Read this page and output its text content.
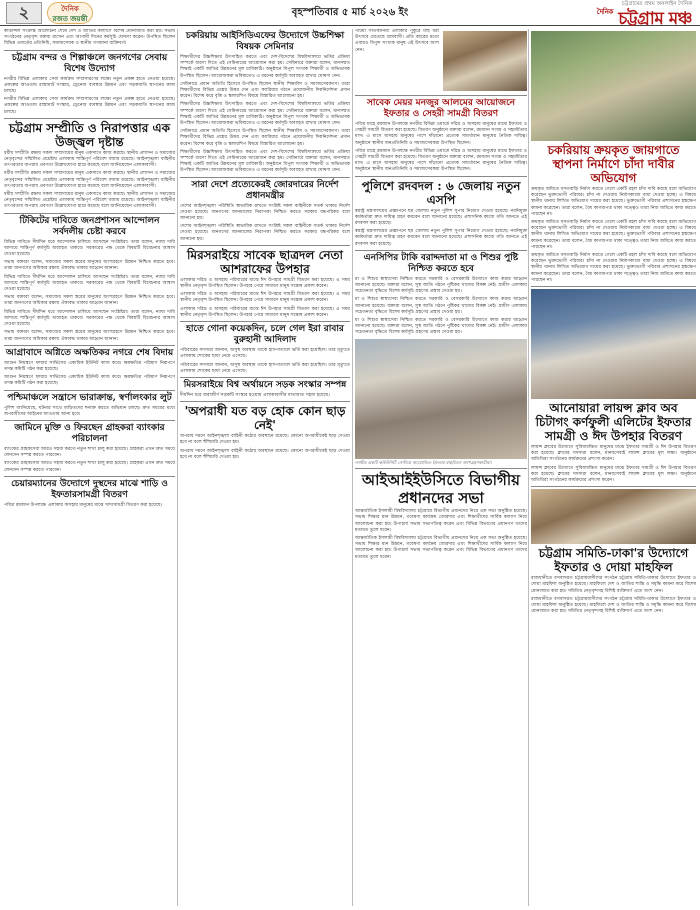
২	দৈনিক
রজত জয়ন্তী
বৃহস্পতিবার ৫ মার্চ ২০২৬ ইং
চট্টগ্রামের প্রথম অনলাইন দৈনিক
$^{দৈনিক}$ চট্টগ্রাম মঞ্চ
কাউন্সিল সংক্রান্ত আলোচনা শেষে দেশ ও জাতির কল্যাণে বিশেষ মোনাজাত করা হয়। সভায় সংগঠনের নেতৃবৃন্দ বক্তব্য রাখেন এবং আগামী দিনের কর্মসূচি ঘোষণা করেন। উপস্থিত ছিলেন বিভিন্ন ওয়ার্ডের প্রতিনিধি, সমাজসেবক ও স্থানীয় গণ্যমান্য ব্যক্তিবর্গ।
চট্টগ্রাম বন্দর ও শিল্পাঞ্চলে জনগণের সেবায় বিশেষ উদ্যোগ
নগরীর বিভিন্ন এলাকায় সেবা কার্যক্রম সম্প্রসারণের লক্ষ্যে নতুন প্রকল্প হাতে নেওয়া হয়েছে। প্রকল্পের আওতায় রাস্তাঘাট সংস্কার, ড্রেনেজ ব্যবস্থার উন্নয়ন এবং সড়কবাতি স্থাপনের কাজ চলছে।
নগরীর বিভিন্ন এলাকায় সেবা কার্যক্রম সম্প্রসারণের লক্ষ্যে নতুন প্রকল্প হাতে নেওয়া হয়েছে। প্রকল্পের আওতায় রাস্তাঘাট সংস্কার, ড্রেনেজ ব্যবস্থার উন্নয়ন এবং সড়কবাতি স্থাপনের কাজ চলছে।
চট্টগ্রাম সম্প্রীতি ও নিরাপত্তার এক উজ্জ্বল দৃষ্টান্ত
ধর্মীয় সম্প্রীতি রক্ষায় সকল সম্প্রদায়ের মানুষ একসাথে কাজ করছে। স্থানীয় প্রশাসন ও সমাজের নেতৃবৃন্দের সম্মিলিত প্রচেষ্টায় এলাকায় শান্তিপূর্ণ পরিবেশ বজায় রয়েছে। আইনশৃঙ্খলা বাহিনীর তৎপরতায় অপরাধ প্রবণতা উল্লেখযোগ্য হারে কমেছে বলে জানিয়েছেন এলাকাবাসী।
ধর্মীয় সম্প্রীতি রক্ষায় সকল সম্প্রদায়ের মানুষ একসাথে কাজ করছে। স্থানীয় প্রশাসন ও সমাজের নেতৃবৃন্দের সম্মিলিত প্রচেষ্টায় এলাকায় শান্তিপূর্ণ পরিবেশ বজায় রয়েছে। আইনশৃঙ্খলা বাহিনীর তৎপরতায় অপরাধ প্রবণতা উল্লেখযোগ্য হারে কমেছে বলে জানিয়েছেন এলাকাবাসী।
ধর্মীয় সম্প্রীতি রক্ষায় সকল সম্প্রদায়ের মানুষ একসাথে কাজ করছে। স্থানীয় প্রশাসন ও সমাজের নেতৃবৃন্দের সম্মিলিত প্রচেষ্টায় এলাকায় শান্তিপূর্ণ পরিবেশ বজায় রয়েছে। আইনশৃঙ্খলা বাহিনীর তৎপরতায় অপরাধ প্রবণতা উল্লেখযোগ্য হারে কমেছে বলে জানিয়েছেন এলাকাবাসী।
টিকিটের দাবিতে জনপ্রশাসন আন্দোলন সর্বদলীয় চেষ্টা করবে
বিভিন্ন দাবিতে দীর্ঘদিন ধরে আন্দোলন চালিয়ে আসছেন সংশ্লিষ্টরা। তারা বলেন, ন্যায্য দাবি আদায়ে শান্তিপূর্ণ কর্মসূচি অব্যাহত থাকবে। সরকারের পক্ষ থেকে বিষয়টি বিবেচনার আশ্বাস দেওয়া হয়েছে।
সভায় বক্তারা বলেন, সমাজের সকল স্তরের মানুষের অংশগ্রহণে উন্নয়ন নিশ্চিত করতে হবে। তারা জনগণের অধিকার রক্ষায় ঐক্যবদ্ধ থাকার আহ্বান জানান।
বিভিন্ন দাবিতে দীর্ঘদিন ধরে আন্দোলন চালিয়ে আসছেন সংশ্লিষ্টরা। তারা বলেন, ন্যায্য দাবি আদায়ে শান্তিপূর্ণ কর্মসূচি অব্যাহত থাকবে। সরকারের পক্ষ থেকে বিষয়টি বিবেচনার আশ্বাস দেওয়া হয়েছে।
সভায় বক্তারা বলেন, সমাজের সকল স্তরের মানুষের অংশগ্রহণে উন্নয়ন নিশ্চিত করতে হবে। তারা জনগণের অধিকার রক্ষায় ঐক্যবদ্ধ থাকার আহ্বান জানান।
বিভিন্ন দাবিতে দীর্ঘদিন ধরে আন্দোলন চালিয়ে আসছেন সংশ্লিষ্টরা। তারা বলেন, ন্যায্য দাবি আদায়ে শান্তিপূর্ণ কর্মসূচি অব্যাহত থাকবে। সরকারের পক্ষ থেকে বিষয়টি বিবেচনার আশ্বাস দেওয়া হয়েছে।
সভায় বক্তারা বলেন, সমাজের সকল স্তরের মানুষের অংশগ্রহণে উন্নয়ন নিশ্চিত করতে হবে। তারা জনগণের অধিকার রক্ষায় ঐক্যবদ্ধ থাকার আহ্বান জানান।
আগ্রাবাদে অগ্নিতে অক্ষতিকর নগরে শেষ বিদায়
আগুন নিয়ন্ত্রণে ফায়ার সার্ভিসের একাধিক ইউনিট কাজ করে। ক্ষয়ক্ষতির পরিমাণ নিরূপণে তদন্ত কমিটি গঠন করা হয়েছে।
আগুন নিয়ন্ত্রণে ফায়ার সার্ভিসের একাধিক ইউনিট কাজ করে। ক্ষয়ক্ষতির পরিমাণ নিরূপণে তদন্ত কমিটি গঠন করা হয়েছে।
পশ্চিমাঞ্চলে সন্ত্রাসে ভারাক্রান্ত, স্বর্ণালংকার লুট
পুলিশ জানিয়েছে, ঘটনার সাথে জড়িতদের শনাক্ত করতে অভিযান চলছে। দ্রুত সময়ের মধ্যে অপরাধীদের আইনের আওতায় আনা হবে।
জামিনে মুক্তি ও ফিরছেন গ্রাহকরা ব্যাংকার পরিচালনা
ব্যাংকের গ্রাহকসেবা আরও সহজ করতে নতুন শাখা চালু করা হয়েছে। গ্রাহকরা এখন দ্রুত সময়ে লেনদেন সম্পন্ন করতে পারবেন।
ব্যাংকের গ্রাহকসেবা আরও সহজ করতে নতুন শাখা চালু করা হয়েছে। গ্রাহকরা এখন দ্রুত সময়ে লেনদেন সম্পন্ন করতে পারবেন।
চেয়ারম্যানের উদ্যোগে দুস্থদের মাঝে শাড়ি ও ইফতারসামগ্রী বিতরণ
পবিত্র রমজান উপলক্ষে এলাকার অসহায় মানুষের মাঝে খাদ্যসামগ্রী বিতরণ করা হয়েছে।
চকরিয়ায় আইসিডিএফের উদ্যোগে উচ্চশিক্ষা বিষয়ক সেমিনার
শিক্ষার্থীদের উচ্চশিক্ষায় উৎসাহিত করতে এবং দেশ-বিদেশের বিশ্ববিদ্যালয়ে ভর্তির প্রক্রিয়া সম্পর্কে ধারণা দিতে এই সেমিনারের আয়োজন করা হয়। সেমিনারে বক্তারা বলেন, মানসম্মত শিক্ষাই একটি জাতির উন্নয়নের মূল চাবিকাঠি। অনুষ্ঠানে বিপুল সংখ্যক শিক্ষার্থী ও অভিভাবক উপস্থিত ছিলেন। আয়োজকরা ভবিষ্যতেও এ ধরনের কর্মসূচি অব্যাহত রাখার ঘোষণা দেন।
সেমিনারে প্রধান অতিথি হিসেবে উপস্থিত ছিলেন স্থানীয় শিক্ষাবিদ ও সমাজসেবকগণ। তারা শিক্ষার্থীদের বিভিন্ন প্রশ্নের উত্তর দেন এবং ক্যারিয়ার গঠনে প্রয়োজনীয় দিকনির্দেশনা প্রদান করেন। বিশেষ করে বৃত্তি ও স্কলারশিপ বিষয়ে বিস্তারিত আলোচনা হয়।
শিক্ষার্থীদের উচ্চশিক্ষায় উৎসাহিত করতে এবং দেশ-বিদেশের বিশ্ববিদ্যালয়ে ভর্তির প্রক্রিয়া সম্পর্কে ধারণা দিতে এই সেমিনারের আয়োজন করা হয়। সেমিনারে বক্তারা বলেন, মানসম্মত শিক্ষাই একটি জাতির উন্নয়নের মূল চাবিকাঠি। অনুষ্ঠানে বিপুল সংখ্যক শিক্ষার্থী ও অভিভাবক উপস্থিত ছিলেন। আয়োজকরা ভবিষ্যতেও এ ধরনের কর্মসূচি অব্যাহত রাখার ঘোষণা দেন।
সেমিনারে প্রধান অতিথি হিসেবে উপস্থিত ছিলেন স্থানীয় শিক্ষাবিদ ও সমাজসেবকগণ। তারা শিক্ষার্থীদের বিভিন্ন প্রশ্নের উত্তর দেন এবং ক্যারিয়ার গঠনে প্রয়োজনীয় দিকনির্দেশনা প্রদান করেন। বিশেষ করে বৃত্তি ও স্কলারশিপ বিষয়ে বিস্তারিত আলোচনা হয়।
শিক্ষার্থীদের উচ্চশিক্ষায় উৎসাহিত করতে এবং দেশ-বিদেশের বিশ্ববিদ্যালয়ে ভর্তির প্রক্রিয়া সম্পর্কে ধারণা দিতে এই সেমিনারের আয়োজন করা হয়। সেমিনারে বক্তারা বলেন, মানসম্মত শিক্ষাই একটি জাতির উন্নয়নের মূল চাবিকাঠি। অনুষ্ঠানে বিপুল সংখ্যক শিক্ষার্থী ও অভিভাবক উপস্থিত ছিলেন। আয়োজকরা ভবিষ্যতেও এ ধরনের কর্মসূচি অব্যাহত রাখার ঘোষণা দেন।
সারা দেশে প্রত্যেকেরই জোরদারের নির্দেশ প্রধানমন্ত্রীর
দেশের আইনশৃঙ্খলা পরিস্থিতি স্বাভাবিক রাখতে সংশ্লিষ্ট সকল বাহিনীকে সতর্ক থাকার নির্দেশ দেওয়া হয়েছে। জনগণের জানমালের নিরাপত্তা নিশ্চিত করতে সরকার বদ্ধপরিকর বলে জানানো হয়।
দেশের আইনশৃঙ্খলা পরিস্থিতি স্বাভাবিক রাখতে সংশ্লিষ্ট সকল বাহিনীকে সতর্ক থাকার নির্দেশ দেওয়া হয়েছে। জনগণের জানমালের নিরাপত্তা নিশ্চিত করতে সরকার বদ্ধপরিকর বলে জানানো হয়।
মিরসরাইয়ে সাবেক ছাত্রদল নেতা আশরাফের উপহার
এলাকার দরিদ্র ও অসহায় পরিবারের মাঝে ঈদ উপহার সামগ্রী বিতরণ করা হয়েছে। এ সময় স্থানীয় নেতৃবৃন্দ উপস্থিত ছিলেন। উপহার পেয়ে সাধারণ মানুষ সন্তোষ প্রকাশ করেন।
এলাকার দরিদ্র ও অসহায় পরিবারের মাঝে ঈদ উপহার সামগ্রী বিতরণ করা হয়েছে। এ সময় স্থানীয় নেতৃবৃন্দ উপস্থিত ছিলেন। উপহার পেয়ে সাধারণ মানুষ সন্তোষ প্রকাশ করেন।
এলাকার দরিদ্র ও অসহায় পরিবারের মাঝে ঈদ উপহার সামগ্রী বিতরণ করা হয়েছে। এ সময় স্থানীয় নেতৃবৃন্দ উপস্থিত ছিলেন। উপহার পেয়ে সাধারণ মানুষ সন্তোষ প্রকাশ করেন।
হাতে গোনা কয়েকদিন, চলে গেল ইরা রাবার বুরুহানী আদিলাদ
পরিবারের সদস্যরা জানান, অসুস্থ অবস্থায় তাকে হাসপাতালে ভর্তি করা হয়েছিল। তার মৃত্যুতে এলাকায় শোকের ছায়া নেমে এসেছে।
পরিবারের সদস্যরা জানান, অসুস্থ অবস্থায় তাকে হাসপাতালে ভর্তি করা হয়েছিল। তার মৃত্যুতে এলাকায় শোকের ছায়া নেমে এসেছে।
মিরসরাইয়ে বিশ্ব অর্থায়নে সড়ক সংস্কার সম্পন্ন
দীর্ঘদিন ধরে জরাজীর্ণ সড়কটি সংস্কার হওয়ায় এলাকাবাসীর যাতায়াত সহজ হয়েছে।
'অপরাধী যত বড় হোক কোন ছাড় নেই'
অপরাধ দমনে আইনশৃঙ্খলা বাহিনী কঠোর অবস্থানে রয়েছে। কোনো অপরাধীকেই ছাড় দেওয়া হবে না বলে হুঁশিয়ারি দেওয়া হয়।
অপরাধ দমনে আইনশৃঙ্খলা বাহিনী কঠোর অবস্থানে রয়েছে। কোনো অপরাধীকেই ছাড় দেওয়া হবে না বলে হুঁশিয়ারি দেওয়া হয়।
পটিয়া সাতকানিয়া এলাকার পুকুরে মাছ ধরা উৎসবে মেতেছে গ্রামবাসী। প্রতি বছরের মতো এবারও বিপুল সংখ্যক মানুষ এই উৎসবে অংশ নেন।
সাবেক মেয়র মনজুর আলমের আয়োজনে ইফতার ও সেহরী সামগ্রী বিতরণ
পবিত্র মাহে রমজান উপলক্ষে নগরীর বিভিন্ন ওয়ার্ডে দরিদ্র ও অসহায় মানুষের মাঝে ইফতার ও সেহরী সামগ্রী বিতরণ করা হয়েছে। বিতরণ অনুষ্ঠানে বক্তারা বলেন, রমজান সংযম ও সহমর্মিতার মাস। এ মাসে অসহায় মানুষের পাশে দাঁড়ানো প্রত্যেক সামর্থ্যবান মানুষের নৈতিক দায়িত্ব। অনুষ্ঠানে স্থানীয় জনপ্রতিনিধি ও সমাজসেবকরা উপস্থিত ছিলেন।
পবিত্র মাহে রমজান উপলক্ষে নগরীর বিভিন্ন ওয়ার্ডে দরিদ্র ও অসহায় মানুষের মাঝে ইফতার ও সেহরী সামগ্রী বিতরণ করা হয়েছে। বিতরণ অনুষ্ঠানে বক্তারা বলেন, রমজান সংযম ও সহমর্মিতার মাস। এ মাসে অসহায় মানুষের পাশে দাঁড়ানো প্রত্যেক সামর্থ্যবান মানুষের নৈতিক দায়িত্ব। অনুষ্ঠানে স্থানীয় জনপ্রতিনিধি ও সমাজসেবকরা উপস্থিত ছিলেন।
পুলিশে রদবদল : ৬ জেলায় নতুন এসপি
স্বরাষ্ট্র মন্ত্রণালয়ের প্রজ্ঞাপনে ছয় জেলায় নতুন পুলিশ সুপার নিয়োগ দেওয়া হয়েছে। নবনিযুক্ত কর্মকর্তারা দ্রুত দায়িত্ব গ্রহণ করবেন বলে জানানো হয়েছে। প্রশাসনিক কাজে গতি আনতে এই রদবদল করা হয়েছে।
স্বরাষ্ট্র মন্ত্রণালয়ের প্রজ্ঞাপনে ছয় জেলায় নতুন পুলিশ সুপার নিয়োগ দেওয়া হয়েছে। নবনিযুক্ত কর্মকর্তারা দ্রুত দায়িত্ব গ্রহণ করবেন বলে জানানো হয়েছে। প্রশাসনিক কাজে গতি আনতে এই রদবদল করা হয়েছে।
এনসিপির টাকি বরাদ্দদাতা মা ও শিশুর পুষ্টি নিশ্চিত করতে হবে
মা ও শিশুর স্বাস্থ্যসেবা নিশ্চিত করতে সরকারি ও বেসরকারি উদ্যোগে কাজ করার আহ্বান জানানো হয়েছে। বক্তারা বলেন, সুস্থ জাতি গঠনে পুষ্টিকর খাদ্যের বিকল্প নেই। গ্রামীণ এলাকায় সচেতনতা বৃদ্ধিতে বিশেষ কর্মসূচি গ্রহণের প্রস্তাব দেওয়া হয়।
মা ও শিশুর স্বাস্থ্যসেবা নিশ্চিত করতে সরকারি ও বেসরকারি উদ্যোগে কাজ করার আহ্বান জানানো হয়েছে। বক্তারা বলেন, সুস্থ জাতি গঠনে পুষ্টিকর খাদ্যের বিকল্প নেই। গ্রামীণ এলাকায় সচেতনতা বৃদ্ধিতে বিশেষ কর্মসূচি গ্রহণের প্রস্তাব দেওয়া হয়।
মা ও শিশুর স্বাস্থ্যসেবা নিশ্চিত করতে সরকারি ও বেসরকারি উদ্যোগে কাজ করার আহ্বান জানানো হয়েছে। বক্তারা বলেন, সুস্থ জাতি গঠনে পুষ্টিকর খাদ্যের বিকল্প নেই। গ্রামীণ এলাকায় সচেতনতা বৃদ্ধিতে বিশেষ কর্মসূচি গ্রহণের প্রস্তাব দেওয়া হয়।
নগরীর একটি কমিউনিটি সেন্টারে আয়োজিত ইফতার মাহফিলে অংশগ্রহণকারীরা।
আইআইইউসিতে বিভাগীয় প্রধানদের সভা
আন্তর্জাতিক ইসলামী বিশ্ববিদ্যালয় চট্টগ্রামে বিভাগীয় প্রধানদের নিয়ে এক সভা অনুষ্ঠিত হয়েছে। সভায় শিক্ষার মান উন্নয়ন, গবেষণা কার্যক্রম জোরদার এবং শিক্ষার্থীদের সার্বিক কল্যাণ নিয়ে আলোচনা করা হয়। উপাচার্য সভায় সভাপতিত্ব করেন এবং বিভিন্ন বিভাগের প্রধানগণ তাদের মতামত তুলে ধরেন।
আন্তর্জাতিক ইসলামী বিশ্ববিদ্যালয় চট্টগ্রামে বিভাগীয় প্রধানদের নিয়ে এক সভা অনুষ্ঠিত হয়েছে। সভায় শিক্ষার মান উন্নয়ন, গবেষণা কার্যক্রম জোরদার এবং শিক্ষার্থীদের সার্বিক কল্যাণ নিয়ে আলোচনা করা হয়। উপাচার্য সভায় সভাপতিত্ব করেন এবং বিভিন্ন বিভাগের প্রধানগণ তাদের মতামত তুলে ধরেন।
চকরিয়ায় ক্রয়কৃত জায়গাতে স্থাপনা নির্মাণে চাঁদা দাবীর অভিযোগ
ক্রয়কৃত জমিতে বসতবাড়ি নির্মাণ করতে গেলে একটি মহল চাঁদা দাবি করছে বলে অভিযোগ করেছেন ভুক্তভোগী পরিবার। চাঁদা না দেওয়ায় নির্মাণকাজে বাধা দেওয়া হচ্ছে। এ বিষয়ে স্থানীয় থানায় লিখিত অভিযোগ দায়ের করা হয়েছে। ভুক্তভোগী পরিবার প্রশাসনের হস্তক্ষেপ কামনা করেছেন। তারা বলেন, বৈধ কাগজপত্র থাকা সত্ত্বেও তারা নিজ জমিতে কাজ করতে পারছেন না।
ক্রয়কৃত জমিতে বসতবাড়ি নির্মাণ করতে গেলে একটি মহল চাঁদা দাবি করছে বলে অভিযোগ করেছেন ভুক্তভোগী পরিবার। চাঁদা না দেওয়ায় নির্মাণকাজে বাধা দেওয়া হচ্ছে। এ বিষয়ে স্থানীয় থানায় লিখিত অভিযোগ দায়ের করা হয়েছে। ভুক্তভোগী পরিবার প্রশাসনের হস্তক্ষেপ কামনা করেছেন। তারা বলেন, বৈধ কাগজপত্র থাকা সত্ত্বেও তারা নিজ জমিতে কাজ করতে পারছেন না।
ক্রয়কৃত জমিতে বসতবাড়ি নির্মাণ করতে গেলে একটি মহল চাঁদা দাবি করছে বলে অভিযোগ করেছেন ভুক্তভোগী পরিবার। চাঁদা না দেওয়ায় নির্মাণকাজে বাধা দেওয়া হচ্ছে। এ বিষয়ে স্থানীয় থানায় লিখিত অভিযোগ দায়ের করা হয়েছে। ভুক্তভোগী পরিবার প্রশাসনের হস্তক্ষেপ কামনা করেছেন। তারা বলেন, বৈধ কাগজপত্র থাকা সত্ত্বেও তারা নিজ জমিতে কাজ করতে পারছেন না।
আনোয়ারা লায়ন্স ক্লাব অব চিটাগং কর্ণফুলী এলিটের ইফতার সামগ্রী ও ঈদ উপহার বিতরণ
লায়ন্স ক্লাবের উদ্যোগে সুবিধাবঞ্চিত মানুষের মাঝে ইফতার সামগ্রী ও ঈদ উপহার বিতরণ করা হয়েছে। ক্লাবের সদস্যরা বলেন, মানবসেবাই লায়ন্স ক্লাবের মূল লক্ষ্য। অনুষ্ঠানে অতিথিরা সংগঠনের কার্যক্রমের প্রশংসা করেন।
লায়ন্স ক্লাবের উদ্যোগে সুবিধাবঞ্চিত মানুষের মাঝে ইফতার সামগ্রী ও ঈদ উপহার বিতরণ করা হয়েছে। ক্লাবের সদস্যরা বলেন, মানবসেবাই লায়ন্স ক্লাবের মূল লক্ষ্য। অনুষ্ঠানে অতিথিরা সংগঠনের কার্যক্রমের প্রশংসা করেন।
চট্টগ্রাম সমিতি-ঢাকা'র উদ্যোগে ইফতার ও দোয়া মাহফিল
রাজধানীতে বসবাসরত চট্টগ্রামবাসীদের সংগঠন চট্টগ্রাম সমিতি-ঢাকার উদ্যোগে ইফতার ও দোয়া মাহফিল অনুষ্ঠিত হয়েছে। মাহফিলে দেশ ও জাতির শান্তি ও সমৃদ্ধি কামনা করে বিশেষ মোনাজাত করা হয়। সমিতির নেতৃবৃন্দসহ বিশিষ্ট ব্যক্তিবর্গ এতে অংশ নেন।
রাজধানীতে বসবাসরত চট্টগ্রামবাসীদের সংগঠন চট্টগ্রাম সমিতি-ঢাকার উদ্যোগে ইফতার ও দোয়া মাহফিল অনুষ্ঠিত হয়েছে। মাহফিলে দেশ ও জাতির শান্তি ও সমৃদ্ধি কামনা করে বিশেষ মোনাজাত করা হয়। সমিতির নেতৃবৃন্দসহ বিশিষ্ট ব্যক্তিবর্গ এতে অংশ নেন।
